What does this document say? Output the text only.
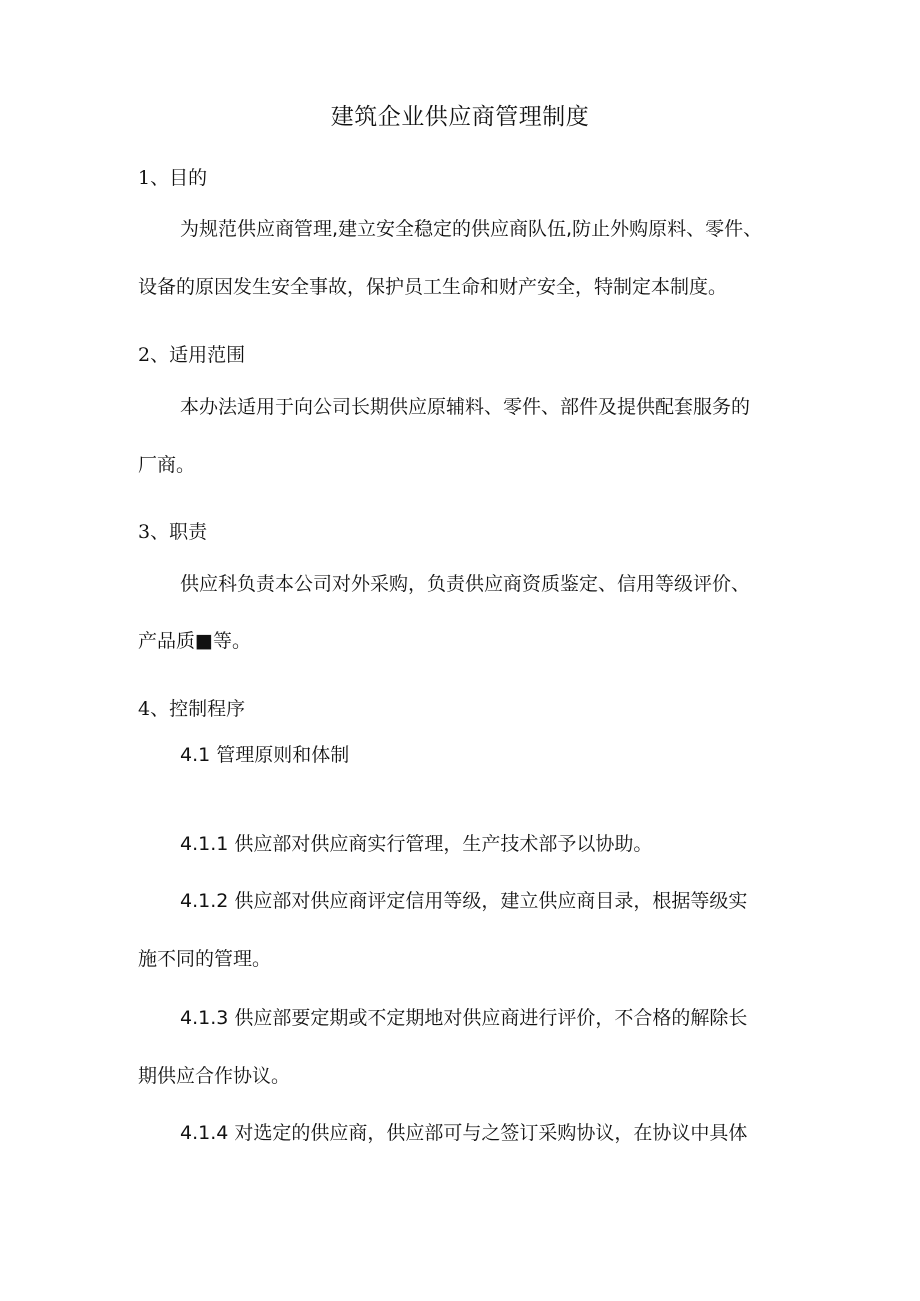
建筑企业供应商管理制度
1、目的
为规范供应商管理,建立安全稳定的供应商队伍,防止外购原料、零件、
设备的原因发生安全事故，保护员工生命和财产安全，特制定本制度。
2、适用范围
本办法适用于向公司长期供应原辅料、零件、部件及提供配套服务的
厂商。
3、职责
供应科负责本公司对外采购，负责供应商资质鉴定、信用等级评价、
产品质■等。
4、控制程序
4.1 管理原则和体制
4.1.1 供应部对供应商实行管理，生产技术部予以协助。
4.1.2 供应部对供应商评定信用等级，建立供应商目录，根据等级实
施不同的管理。
4.1.3 供应部要定期或不定期地对供应商进行评价，不合格的解除长
期供应合作协议。
4.1.4 对选定的供应商，供应部可与之签订采购协议，在协议中具体
